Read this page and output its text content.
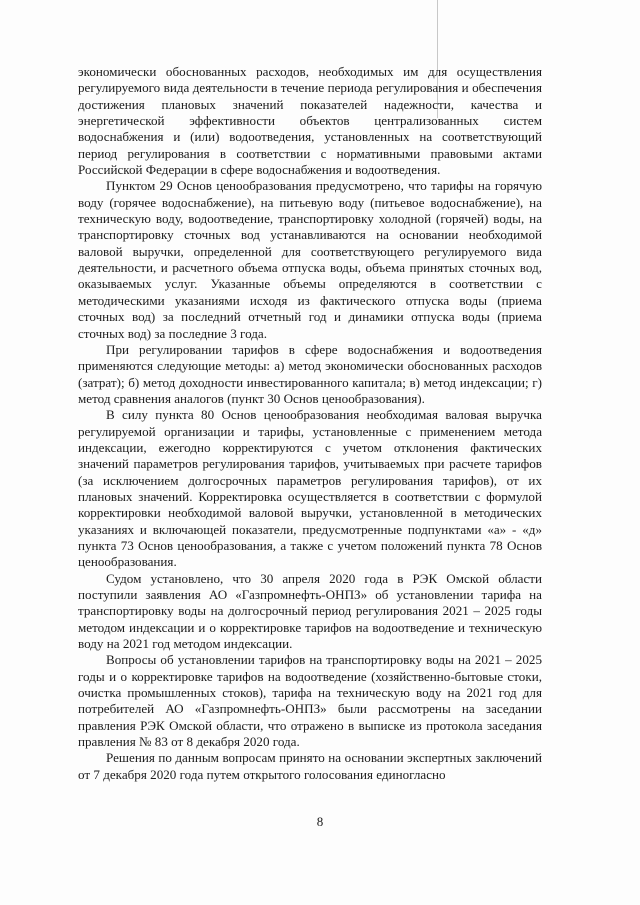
экономически обоснованных расходов, необходимых им для осуществления регулируемого вида деятельности в течение периода регулирования и обеспечения достижения плановых значений показателей надежности, качества и энергетической эффективности объектов централизованных систем водоснабжения и (или) водоотведения, установленных на соответствующий период регулирования в соответствии с нормативными правовыми актами Российской Федерации в сфере водоснабжения и водоотведения.

Пунктом 29 Основ ценообразования предусмотрено, что тарифы на горячую воду (горячее водоснабжение), на питьевую воду (питьевое водоснабжение), на техническую воду, водоотведение, транспортировку холодной (горячей) воды, на транспортировку сточных вод устанавливаются на основании необходимой валовой выручки, определенной для соответствующего регулируемого вида деятельности, и расчетного объема отпуска воды, объема принятых сточных вод, оказываемых услуг. Указанные объемы определяются в соответствии с методическими указаниями исходя из фактического отпуска воды (приема сточных вод) за последний отчетный год и динамики отпуска воды (приема сточных вод) за последние 3 года.

При регулировании тарифов в сфере водоснабжения и водоотведения применяются следующие методы: а) метод экономически обоснованных расходов (затрат); б) метод доходности инвестированного капитала; в) метод индексации; г) метод сравнения аналогов (пункт 30 Основ ценообразования).

В силу пункта 80 Основ ценообразования необходимая валовая выручка регулируемой организации и тарифы, установленные с применением метода индексации, ежегодно корректируются с учетом отклонения фактических значений параметров регулирования тарифов, учитываемых при расчете тарифов (за исключением долгосрочных параметров регулирования тарифов), от их плановых значений. Корректировка осуществляется в соответствии с формулой корректировки необходимой валовой выручки, установленной в методических указаниях и включающей показатели, предусмотренные подпунктами «а» - «д» пункта 73 Основ ценообразования, а также с учетом положений пункта 78 Основ ценообразования.

Судом установлено, что 30 апреля 2020 года в РЭК Омской области поступили заявления АО «Газпромнефть-ОНПЗ» об установлении тарифа на транспортировку воды на долгосрочный период регулирования 2021 – 2025 годы методом индексации и о корректировке тарифов на водоотведение и техническую воду на 2021 год методом индексации.

Вопросы об установлении тарифов на транспортировку воды на 2021 – 2025 годы и о корректировке тарифов на водоотведение (хозяйственно-бытовые стоки, очистка промышленных стоков), тарифа на техническую воду на 2021 год для потребителей АО «Газпромнефть-ОНПЗ» были рассмотрены на заседании правления РЭК Омской области, что отражено в выписке из протокола заседания правления № 83 от 8 декабря 2020 года.

Решения по данным вопросам принято на основании экспертных заключений от 7 декабря 2020 года путем открытого голосования единогласно

8
